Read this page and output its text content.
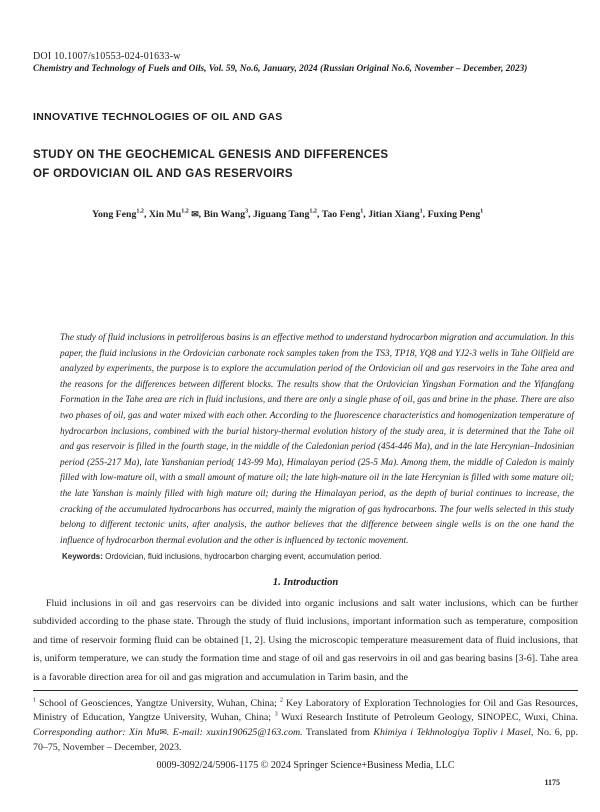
DOI 10.1007/s10553-024-01633-w
Chemistry and Technology of Fuels and Oils, Vol. 59, No.6, January, 2024 (Russian Original No.6, November – December, 2023)
INNOVATIVE TECHNOLOGIES OF OIL AND GAS
STUDY ON THE GEOCHEMICAL GENESIS AND DIFFERENCES
OF ORDOVICIAN OIL AND GAS RESERVOIRS
Yong Feng$^{1,2}$, Xin Mu$^{1,2}$ ✉, Bin Wang$^3$, Jiguang Tang$^{1,2}$, Tao Feng$^1$, Jitian Xiang$^1$, Fuxing Peng$^1$
The study of fluid inclusions in petroliferous basins is an effective method to understand hydrocarbon migration and accumulation. In this paper, the fluid inclusions in the Ordovician carbonate rock samples taken from the TS3, TP18, YQ8 and YJ2-3 wells in Tahe Oilfield are analyzed by experiments, the purpose is to explore the accumulation period of the Ordovician oil and gas reservoirs in the Tahe area and the reasons for the differences between different blocks. The results show that the Ordovician Yingshan Formation and the Yifangfang Formation in the Tahe area are rich in fluid inclusions, and there are only a single phase of oil, gas and brine in the phase. There are also two phases of oil, gas and water mixed with each other. According to the fluorescence characteristics and homogenization temperature of hydrocarbon inclusions, combined with the burial history-thermal evolution history of the study area, it is determined that the Tahe oil and gas reservoir is filled in the fourth stage, in the middle of the Caledonian period (454-446 Ma), and in the late Hercynian–Indosinian period (255-217 Ma), late Yanshanian period( 143-99 Ma), Himalayan period (25-5 Ma). Among them, the middle of Caledon is mainly filled with low-mature oil, with a small amount of mature oil; the late high-mature oil in the late Hercynian is filled with some mature oil; the late Yanshan is mainly filled with high mature oil; during the Himalayan period, as the depth of burial continues to increase, the cracking of the accumulated hydrocarbons has occurred, mainly the migration of gas hydrocarbons. The four wells selected in this study belong to different tectonic units, after analysis, the author believes that the difference between single wells is on the one hand the influence of hydrocarbon thermal evolution and the other is influenced by tectonic movement.
Keywords: Ordovician, fluid inclusions, hydrocarbon charging event, accumulation period.
1. Introduction
Fluid inclusions in oil and gas reservoirs can be divided into organic inclusions and salt water inclusions, which can be further subdivided according to the phase state. Through the study of fluid inclusions, important information such as temperature, composition and time of reservoir forming fluid can be obtained [1, 2]. Using the microscopic temperature measurement data of fluid inclusions, that is, uniform temperature, we can study the formation time and stage of oil and gas reservoirs in oil and gas bearing basins [3-6]. Tahe area is a favorable direction area for oil and gas migration and accumulation in Tarim basin, and the
$^1$ School of Geosciences, Yangtze University, Wuhan, China; $^2$ Key Laboratory of Exploration Technologies for Oil and Gas Resources, Ministry of Education, Yangtze University, Wuhan, China; $^3$ Wuxi Research Institute of Petroleum Geology, SINOPEC, Wuxi, China. Corresponding author: Xin Mu✉. E-mail: xuxin190625@163.com. Translated from Khimiya i Tekhnologiya Topliv i Masel, No. 6, pp. 70–75, November – December, 2023.
0009-3092/24/5906-1175 © 2024 Springer Science+Business Media, LLC
1175
